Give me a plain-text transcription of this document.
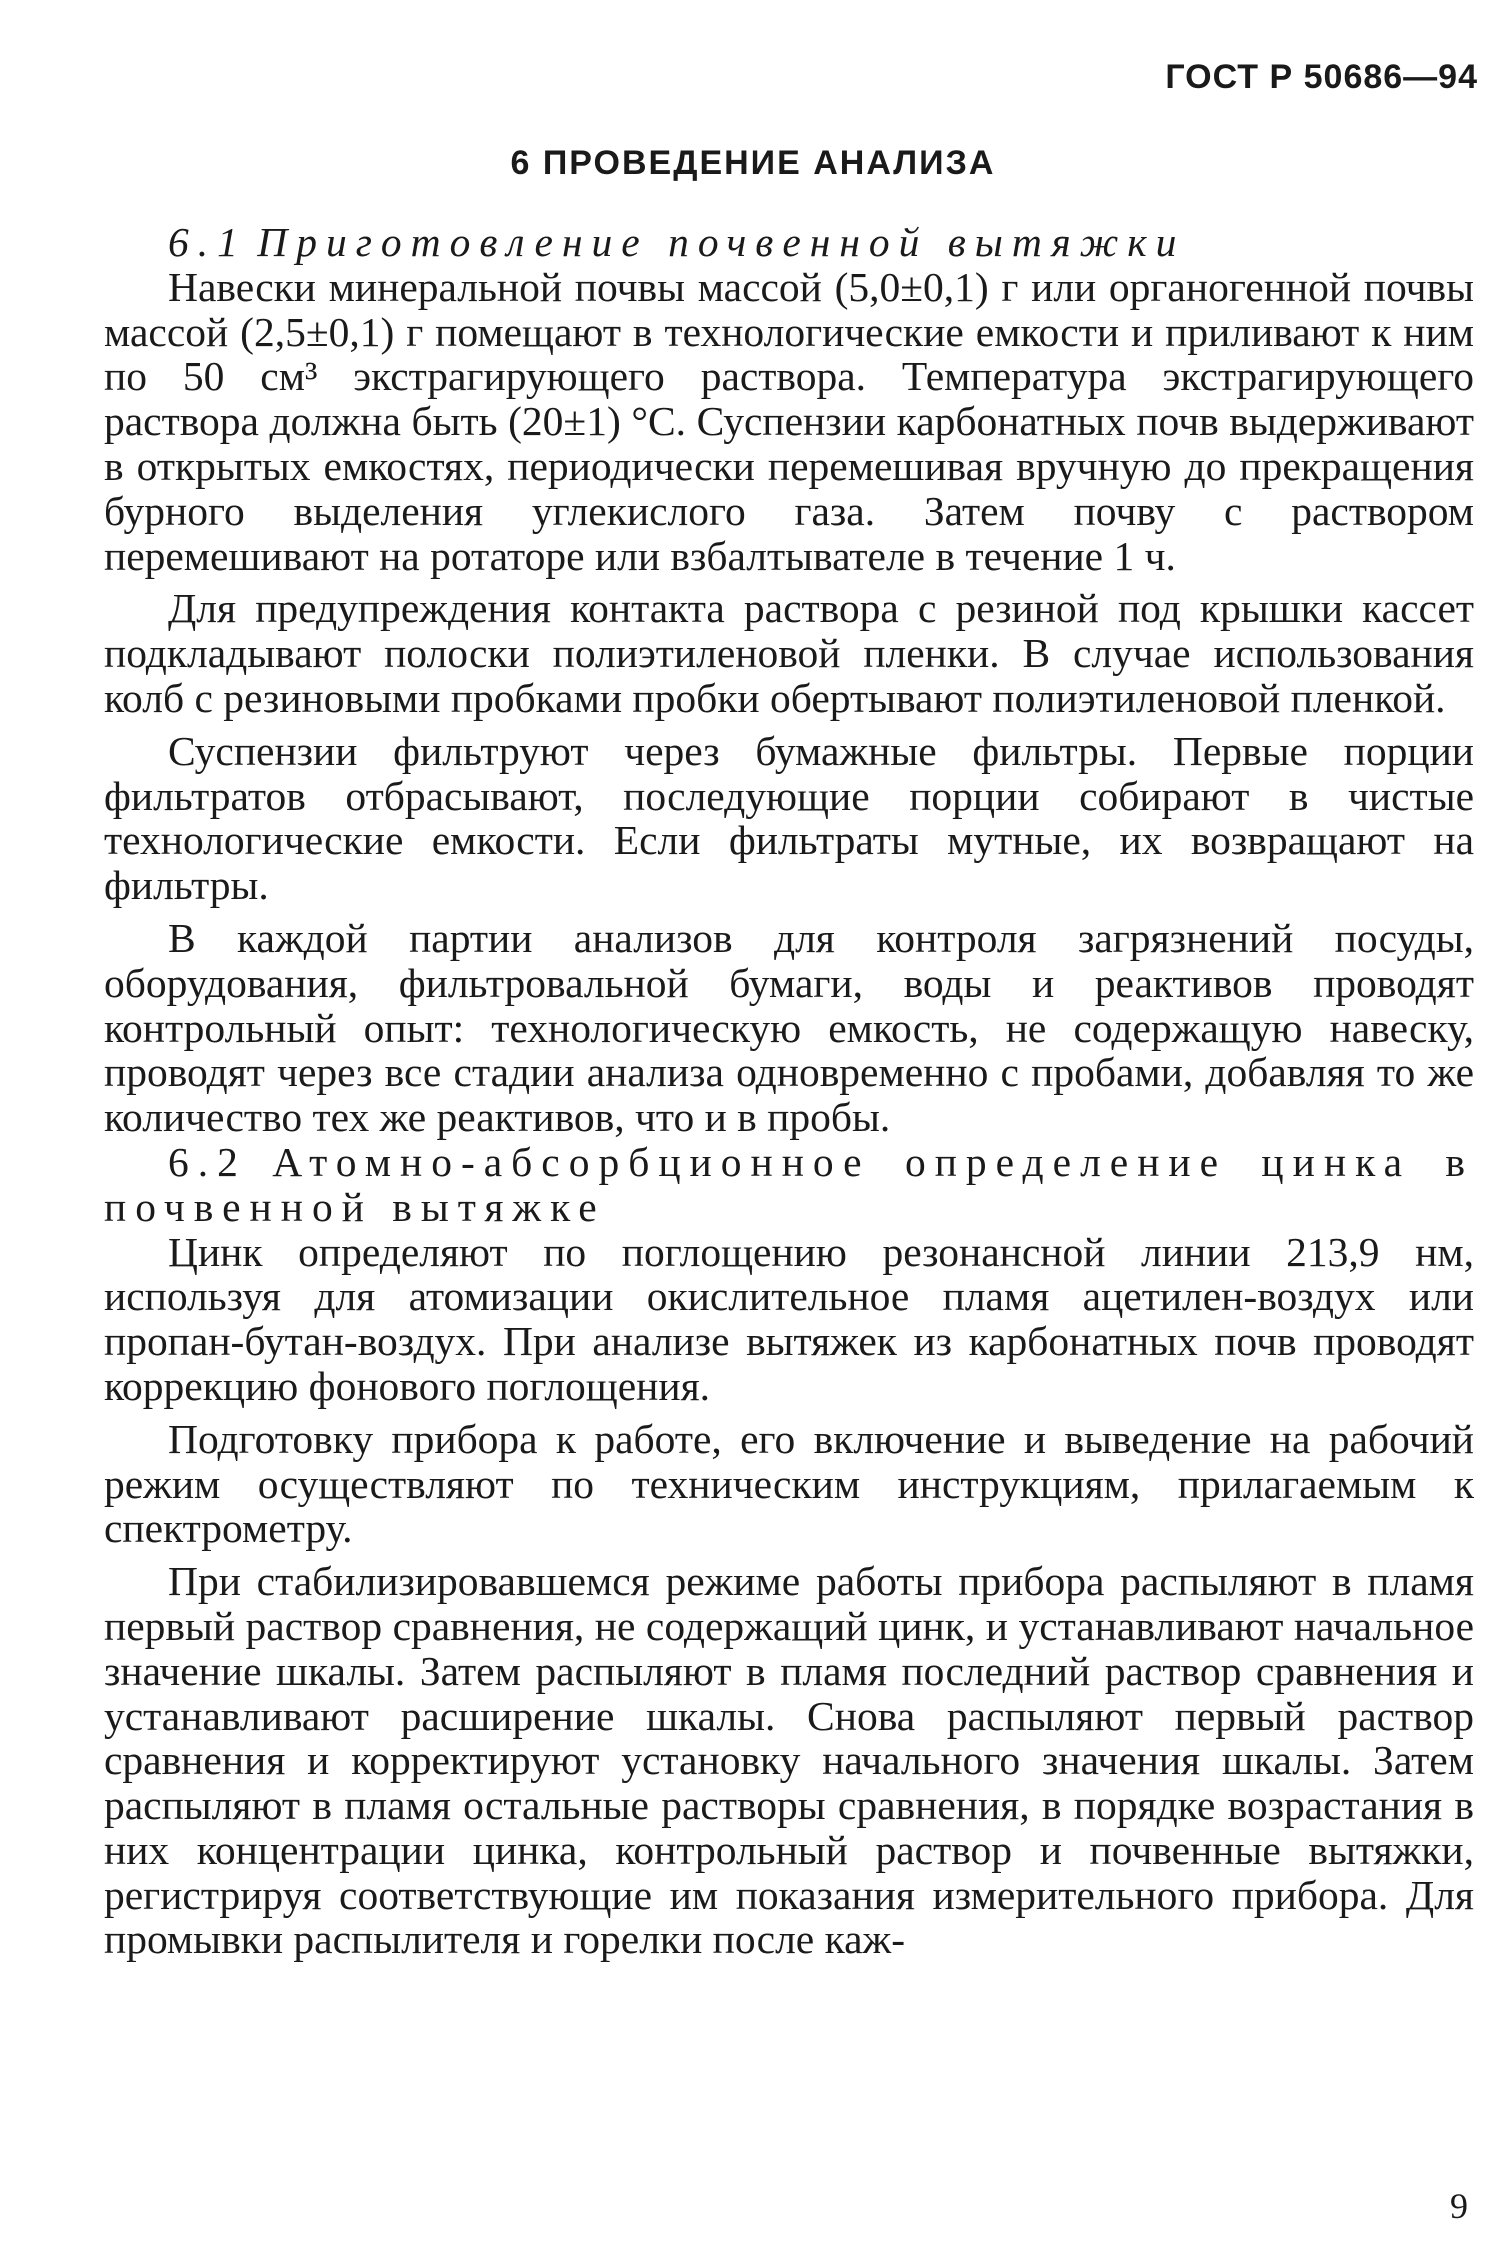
ГОСТ Р 50686—94
6 ПРОВЕДЕНИЕ АНАЛИЗА

6.1 Приготовление почвенной вытяжки

Навески минеральной почвы массой (5,0±0,1) г или органогенной почвы массой (2,5±0,1) г помещают в технологические емкости и приливают к ним по 50 см³ экстрагирующего раствора. Температура экстрагирующего раствора должна быть (20±1) °С. Суспензии карбонатных почв выдерживают в открытых емкостях, периодически перемешивая вручную до прекращения бурного выделения углекислого газа. Затем почву с раствором перемешивают на ротаторе или взбалтывателе в течение 1 ч.

Для предупреждения контакта раствора с резиной под крышки кассет подкладывают полоски полиэтиленовой пленки. В случае использования колб с резиновыми пробками пробки обертывают полиэтиленовой пленкой.

Суспензии фильтруют через бумажные фильтры. Первые порции фильтратов отбрасывают, последующие порции собирают в чистые технологические емкости. Если фильтраты мутные, их возвращают на фильтры.

В каждой партии анализов для контроля загрязнений посуды, оборудования, фильтровальной бумаги, воды и реактивов проводят контрольный опыт: технологическую емкость, не содержащую навеску, проводят через все стадии анализа одновременно с пробами, добавляя то же количество тех же реактивов, что и в пробы.

6.2 Атомно-абсорбционное определение цинка в почвенной вытяжке

Цинк определяют по поглощению резонансной линии 213,9 нм, используя для атомизации окислительное пламя ацетилен-воздух или пропан-бутан-воздух. При анализе вытяжек из карбонатных почв проводят коррекцию фонового поглощения.

Подготовку прибора к работе, его включение и выведение на рабочий режим осуществляют по техническим инструкциям, прилагаемым к спектрометру.

При стабилизировавшемся режиме работы прибора распыляют в пламя первый раствор сравнения, не содержащий цинк, и устанавливают начальное значение шкалы. Затем распыляют в пламя последний раствор сравнения и устанавливают расширение шкалы. Снова распыляют первый раствор сравнения и корректируют установку начального значения шкалы. Затем распыляют в пламя остальные растворы сравнения, в порядке возрастания в них концентрации цинка, контрольный раствор и почвенные вытяжки, регистрируя соответствующие им показания измерительного прибора. Для промывки распылителя и горелки после каж-

9
